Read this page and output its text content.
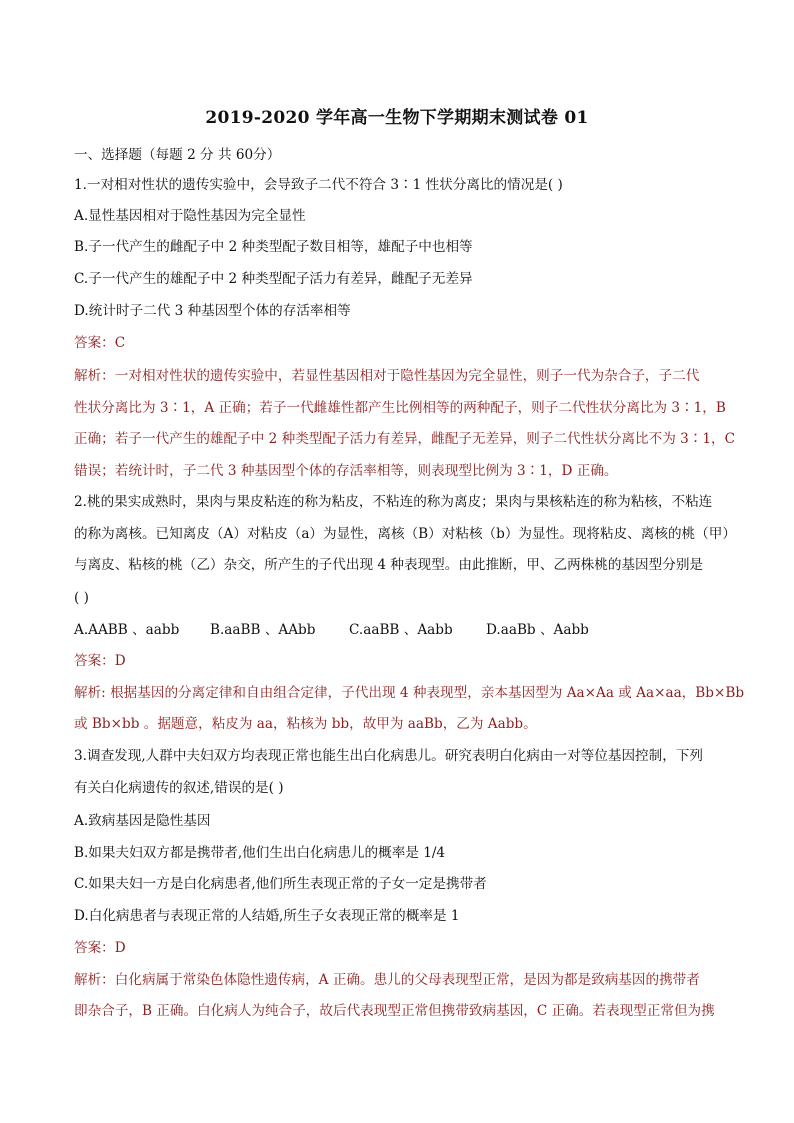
2019-2020 学年高一生物下学期期末测试卷 01
一、选择题（每题 2 分 共 60分）
1.一对相对性状的遗传实验中，会导致子二代不符合 3∶1 性状分离比的情况是( )
A.显性基因相对于隐性基因为完全显性
B.子一代产生的雌配子中 2 种类型配子数目相等，雄配子中也相等
C.子一代产生的雄配子中 2 种类型配子活力有差异，雌配子无差异
D.统计时子二代 3 种基因型个体的存活率相等
答案：C
解析：一对相对性状的遗传实验中，若显性基因相对于隐性基因为完全显性，则子一代为杂合子，子二代
性状分离比为 3∶1，A 正确；若子一代雌雄性都产生比例相等的两种配子，则子二代性状分离比为 3∶1，B
正确；若子一代产生的雄配子中 2 种类型配子活力有差异，雌配子无差异，则子二代性状分离比不为 3∶1，C
错误；若统计时，子二代 3 种基因型个体的存活率相等，则表现型比例为 3∶1，D 正确。
2.桃的果实成熟时，果肉与果皮粘连的称为粘皮，不粘连的称为离皮；果肉与果核粘连的称为粘核，不粘连
的称为离核。已知离皮（A）对粘皮（a）为显性，离核（B）对粘核（b）为显性。现将粘皮、离核的桃（甲）
与离皮、粘核的桃（乙）杂交，所产生的子代出现 4 种表现型。由此推断，甲、乙两株桃的基因型分别是
( )
A.AABB 、aabb B.aaBB 、AAbb C.aaBB 、Aabb D.aaBb 、Aabb
答案：D
解析: 根据基因的分离定律和自由组合定律，子代出现 4 种表现型，亲本基因型为 Aa×Aa 或 Aa×aa，Bb×Bb
或 Bb×bb 。据题意，粘皮为 aa，粘核为 bb，故甲为 aaBb，乙为 Aabb。
3.调查发现,人群中夫妇双方均表现正常也能生出白化病患儿。研究表明白化病由一对等位基因控制，下列
有关白化病遗传的叙述,错误的是( )
A.致病基因是隐性基因
B.如果夫妇双方都是携带者,他们生出白化病患儿的概率是 1/4
C.如果夫妇一方是白化病患者,他们所生表现正常的子女一定是携带者
D.白化病患者与表现正常的人结婚,所生子女表现正常的概率是 1
答案：D
解析：白化病属于常染色体隐性遗传病，A 正确。患儿的父母表现型正常，是因为都是致病基因的携带者
即杂合子，B 正确。白化病人为纯合子，故后代表现型正常但携带致病基因，C 正确。若表现型正常但为携
